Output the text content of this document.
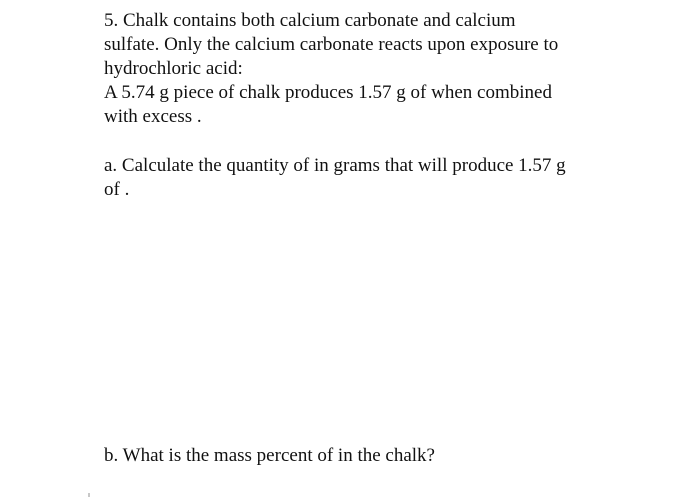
5. Chalk contains both calcium carbonate and calcium
sulfate. Only the calcium carbonate reacts upon exposure to
hydrochloric acid:
A 5.74 g piece of chalk produces 1.57 g of when combined
with excess .
a. Calculate the quantity of in grams that will produce 1.57 g
of .
b. What is the mass percent of in the chalk?
